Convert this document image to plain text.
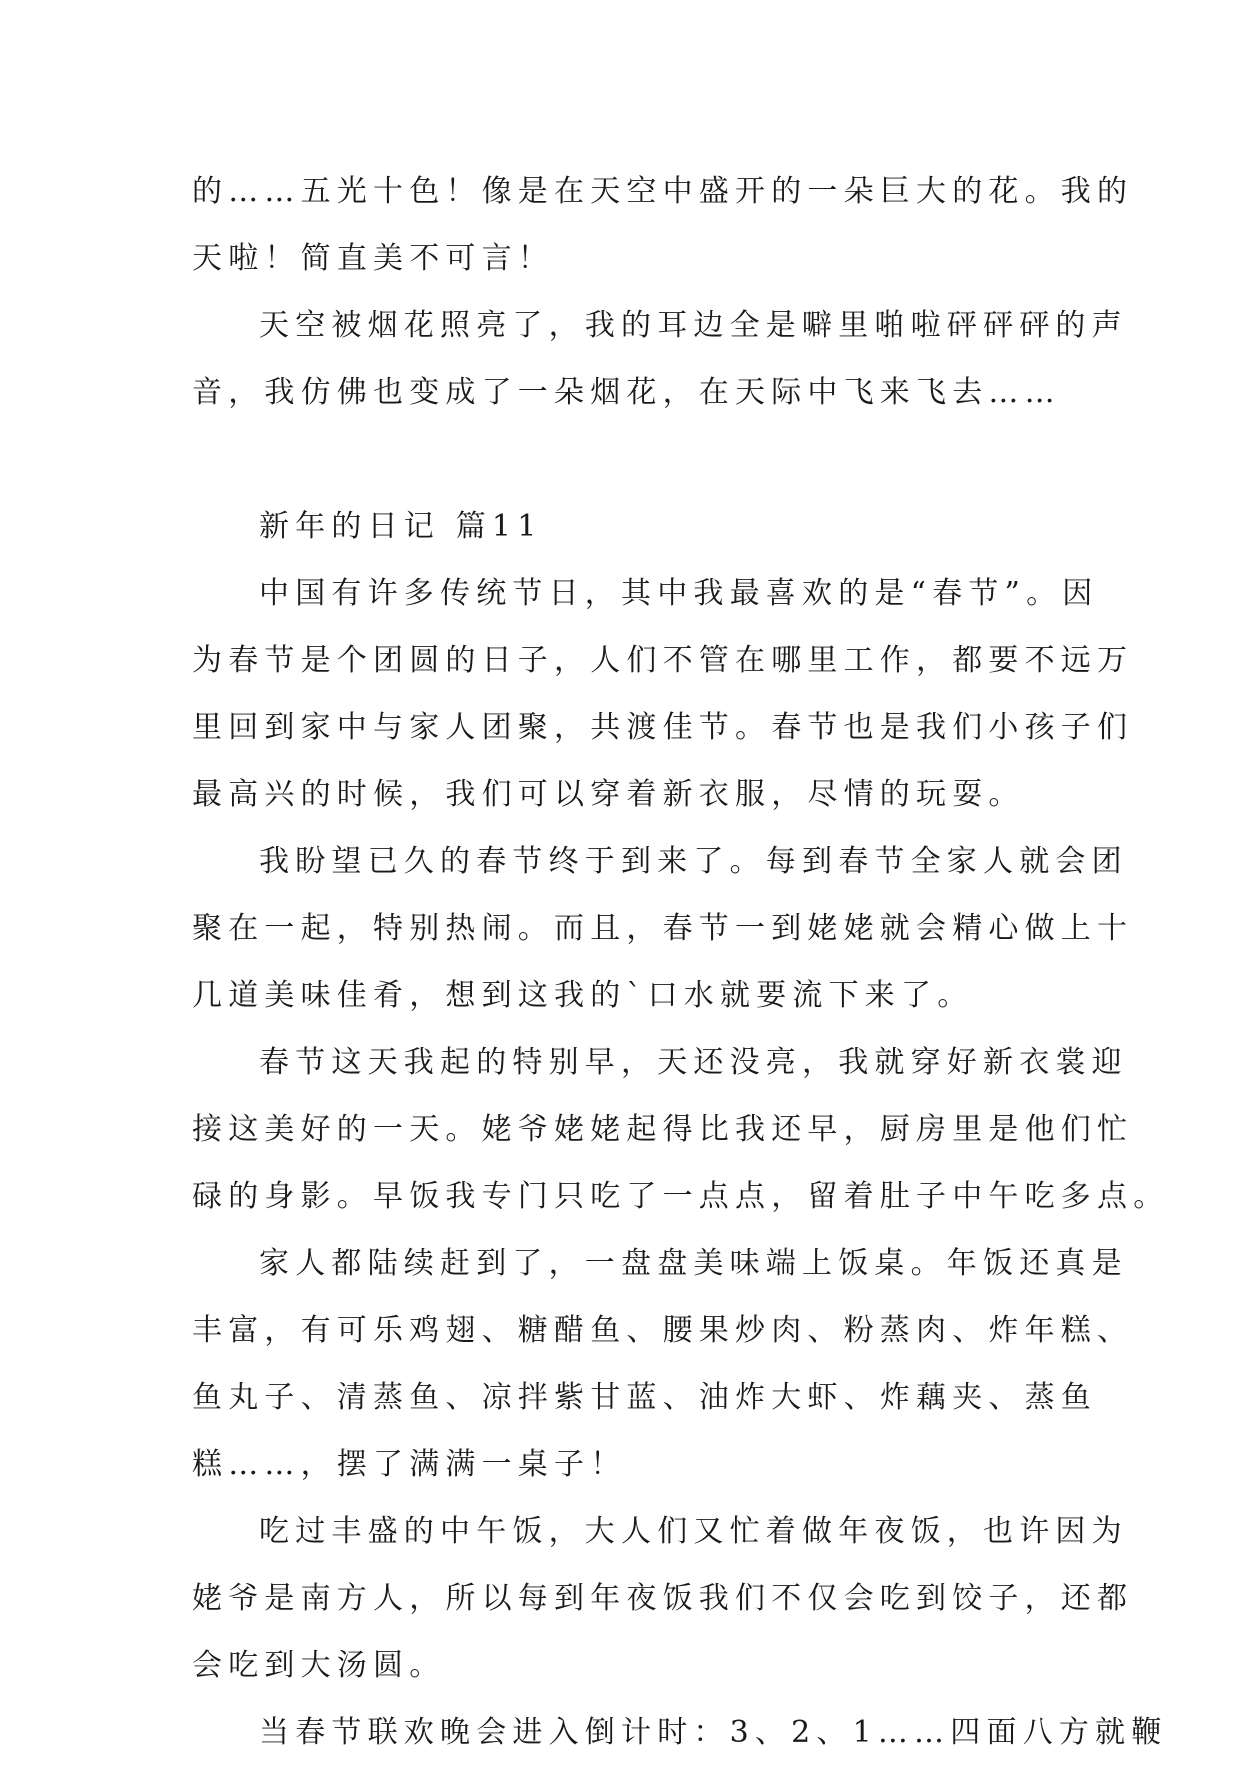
的……五光十色！像是在天空中盛开的一朵巨大的花。我的
天啦！简直美不可言！
天空被烟花照亮了，我的耳边全是噼里啪啦砰砰砰的声
音，我仿佛也变成了一朵烟花，在天际中飞来飞去……
新年的日记 篇11
中国有许多传统节日，其中我最喜欢的是“春节”。因
为春节是个团圆的日子，人们不管在哪里工作，都要不远万
里回到家中与家人团聚，共渡佳节。春节也是我们小孩子们
最高兴的时候，我们可以穿着新衣服，尽情的玩耍。
我盼望已久的春节终于到来了。每到春节全家人就会团
聚在一起，特别热闹。而且，春节一到姥姥就会精心做上十
几道美味佳肴，想到这我的`口水就要流下来了。
春节这天我起的特别早，天还没亮，我就穿好新衣裳迎
接这美好的一天。姥爷姥姥起得比我还早，厨房里是他们忙
碌的身影。早饭我专门只吃了一点点，留着肚子中午吃多点。
家人都陆续赶到了，一盘盘美味端上饭桌。年饭还真是
丰富，有可乐鸡翅、糖醋鱼、腰果炒肉、粉蒸肉、炸年糕、
鱼丸子、清蒸鱼、凉拌紫甘蓝、油炸大虾、炸藕夹、蒸鱼
糕……，摆了满满一桌子！
吃过丰盛的中午饭，大人们又忙着做年夜饭，也许因为
姥爷是南方人，所以每到年夜饭我们不仅会吃到饺子，还都
会吃到大汤圆。
当春节联欢晚会进入倒计时：3、2、1……四面八方就鞭
